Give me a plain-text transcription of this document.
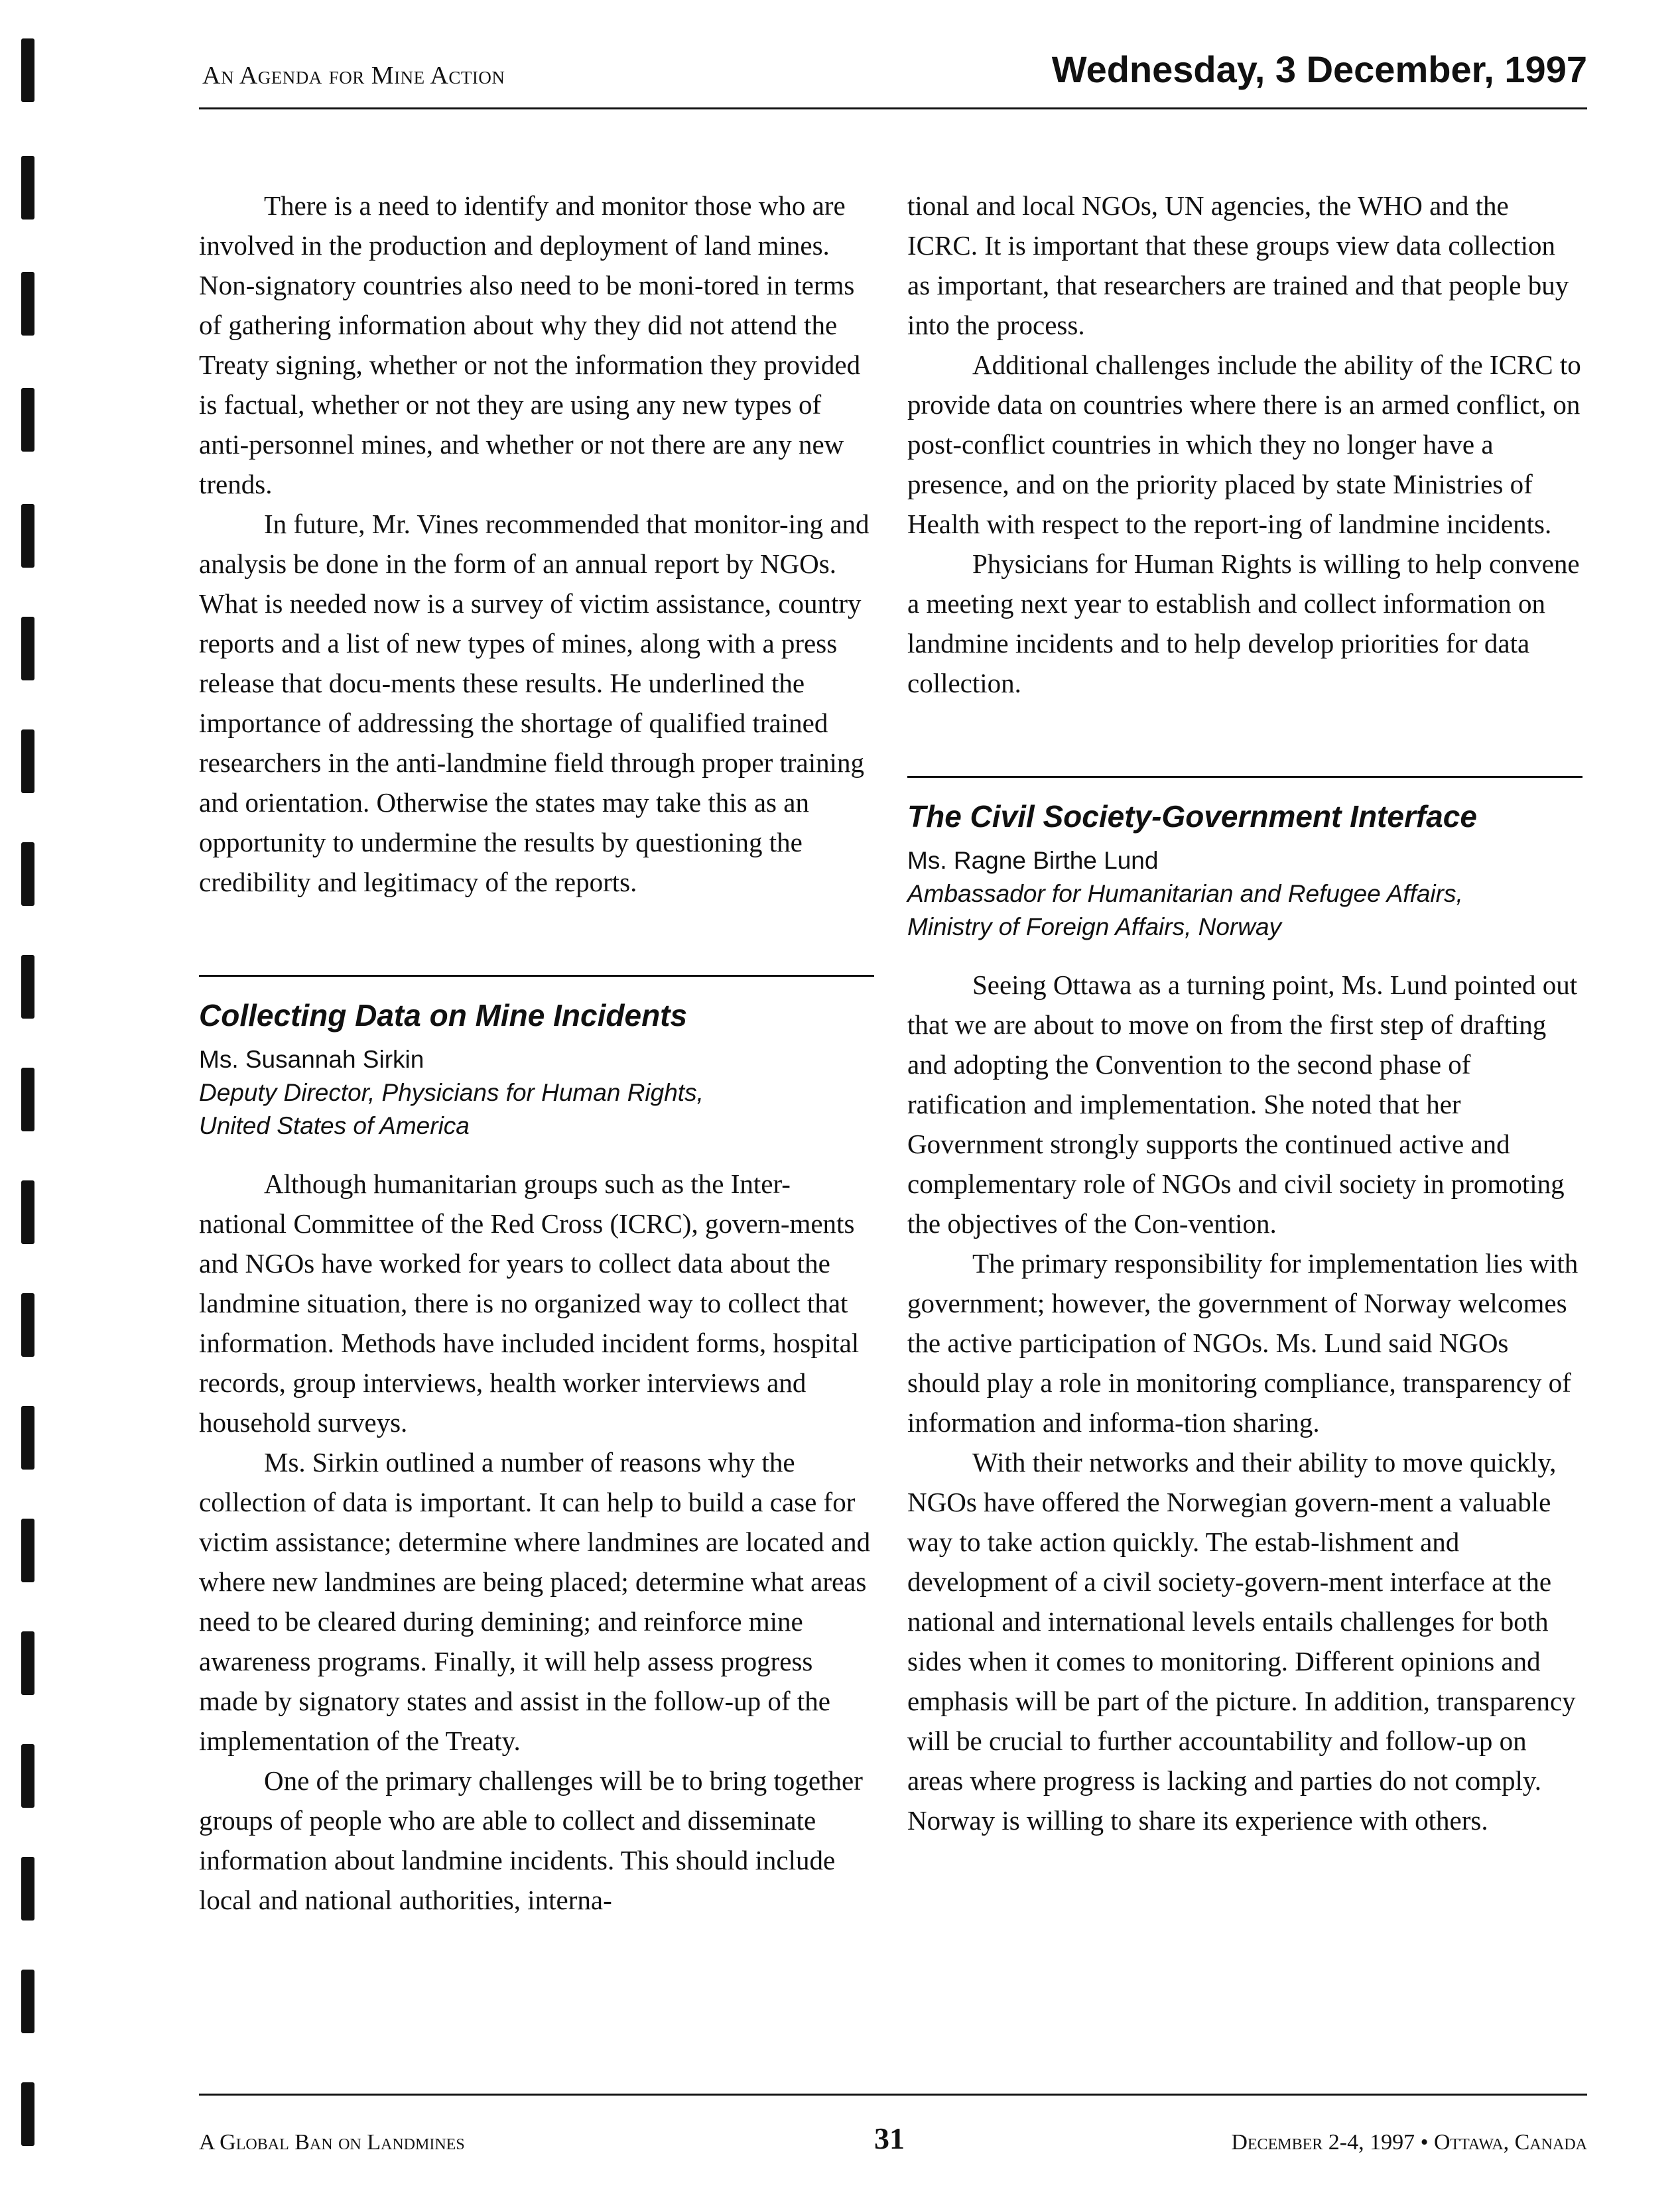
An Agenda for Mine Action	Wednesday, 3 December, 1997

There is a need to identify and monitor those who are involved in the production and deployment of land mines. Non-signatory countries also need to be moni-tored in terms of gathering information about why they did not attend the Treaty signing, whether or not the information they provided is factual, whether or not they are using any new types of anti-personnel mines, and whether or not there are any new trends.

In future, Mr. Vines recommended that monitor-ing and analysis be done in the form of an annual report by NGOs. What is needed now is a survey of victim assistance, country reports and a list of new types of mines, along with a press release that docu-ments these results. He underlined the importance of addressing the shortage of qualified trained researchers in the anti-landmine field through proper training and orientation. Otherwise the states may take this as an opportunity to undermine the results by questioning the credibility and legitimacy of the reports.

Collecting Data on Mine Incidents

Ms. Susannah Sirkin

Deputy Director, Physicians for Human Rights,

United States of America

Although humanitarian groups such as the Inter-national Committee of the Red Cross (ICRC), govern-ments and NGOs have worked for years to collect data about the landmine situation, there is no organized way to collect that information. Methods have included incident forms, hospital records, group interviews, health worker interviews and household surveys.

Ms. Sirkin outlined a number of reasons why the collection of data is important. It can help to build a case for victim assistance; determine where landmines are located and where new landmines are being placed; determine what areas need to be cleared during demining; and reinforce mine awareness programs. Finally, it will help assess progress made by signatory states and assist in the follow-up of the implementation of the Treaty.

One of the primary challenges will be to bring together groups of people who are able to collect and disseminate information about landmine incidents. This should include local and national authorities, interna-

tional and local NGOs, UN agencies, the WHO and the ICRC. It is important that these groups view data collection as important, that researchers are trained and that people buy into the process.

Additional challenges include the ability of the ICRC to provide data on countries where there is an armed conflict, on post-conflict countries in which they no longer have a presence, and on the priority placed by state Ministries of Health with respect to the report-ing of landmine incidents.

Physicians for Human Rights is willing to help convene a meeting next year to establish and collect information on landmine incidents and to help develop priorities for data collection.

The Civil Society-Government Interface

Ms. Ragne Birthe Lund

Ambassador for Humanitarian and Refugee Affairs,

Ministry of Foreign Affairs, Norway

Seeing Ottawa as a turning point, Ms. Lund pointed out that we are about to move on from the first step of drafting and adopting the Convention to the second phase of ratification and implementation. She noted that her Government strongly supports the continued active and complementary role of NGOs and civil society in promoting the objectives of the Con-vention.

The primary responsibility for implementation lies with government; however, the government of Norway welcomes the active participation of NGOs. Ms. Lund said NGOs should play a role in monitoring compliance, transparency of information and informa-tion sharing.

With their networks and their ability to move quickly, NGOs have offered the Norwegian govern-ment a valuable way to take action quickly. The estab-lishment and development of a civil society-govern-ment interface at the national and international levels entails challenges for both sides when it comes to monitoring. Different opinions and emphasis will be part of the picture. In addition, transparency will be crucial to further accountability and follow-up on areas where progress is lacking and parties do not comply. Norway is willing to share its experience with others.

A Global Ban on Landmines	31	December 2-4, 1997 • Ottawa, Canada
